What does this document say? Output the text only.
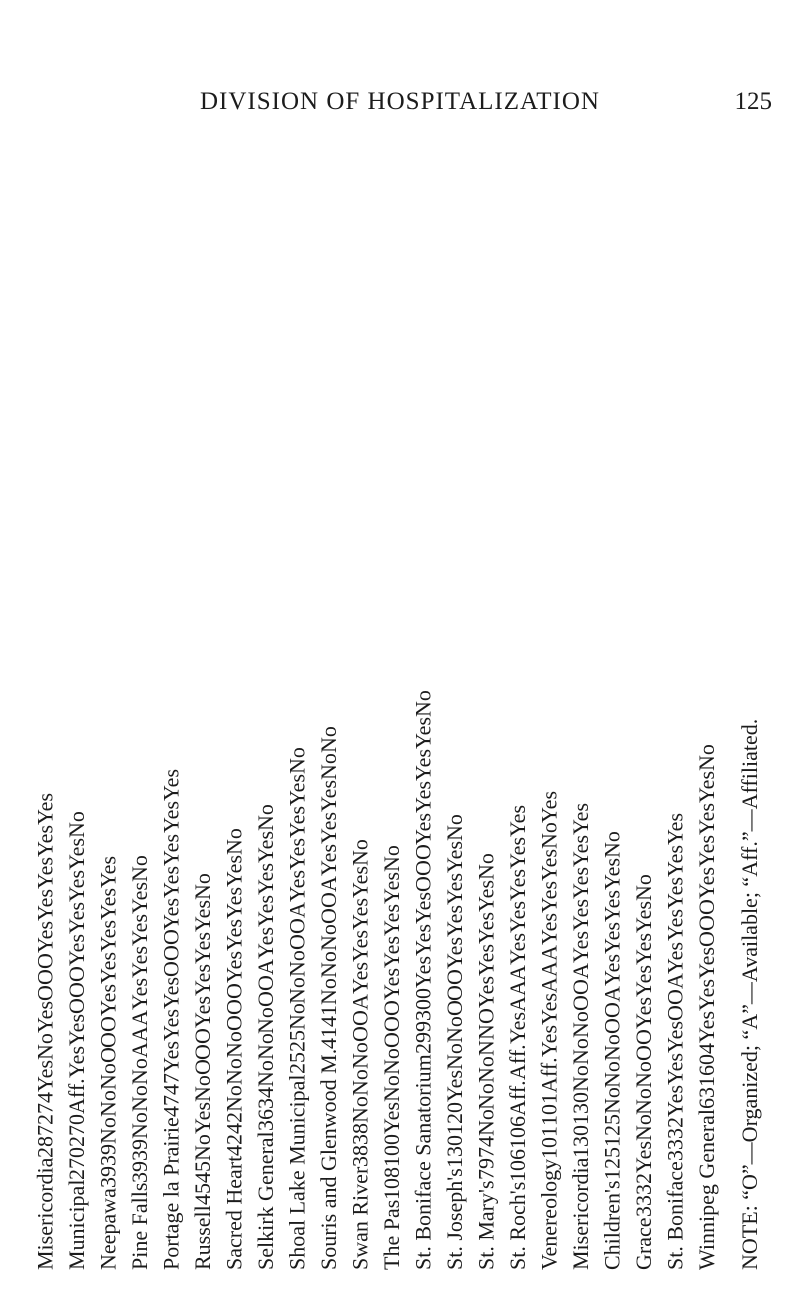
DIVISION OF HOSPITALIZATION	125
NOTE: “O”—Organized; “A”—Available; “Aff.”—Affiliated.
Winnipeg General631604YesYesYesOOOYesYesYesYesNo
St. Boniface3332YesYesYesOOAYesYesYesYesYes
Grace3332YesNoNoNoOOYesYesYesYesNo
Children's125125NoNoNoOOAYesYesYesYesNo
Misericordia130130NoNoNoOOAYesYesYesYesYes
Venereology101101Aff.YesYesAAAYesYesYesNoYes
St. Roch's106106Aff.Aff.YesAAAYesYesYesYesYes
St. Mary's7974NoNoNoNNOYesYesYesYesNo
St. Joseph's130120YesNoNoOOOYesYesYesYesNo
St. Boniface Sanatorium299300YesYesYesOOOYesYesYesYesNo
The Pas108100YesNoNoOOOYesYesYesYesNo
Swan River3838NoNoNoOOAYesYesYesYesNo
Souris and Glenwood M.4141NoNoNoOOAYesYesYesNoNo
Shoal Lake Municipal2525NoNoNoOOAYesYesYesYesNo
Selkirk General3634NoNoNoOOAYesYesYesYesNo
Sacred Heart4242NoNoNoOOOYesYesYesYesNo
Russell4545NoYesNoOOOYesYesYesYesNo
Portage la Prairie4747YesYesYesOOOYesYesYesYesYes
Pine Falls3939NoNoNoAAAYesYesYesYesNo
Neepawa3939NoNoNoOOOYesYesYesYesYes
Municipal270270Aff.YesYesOOOYesYesYesYesNo
Misericordia287274YesNoYesOOOYesYesYesYesYes
